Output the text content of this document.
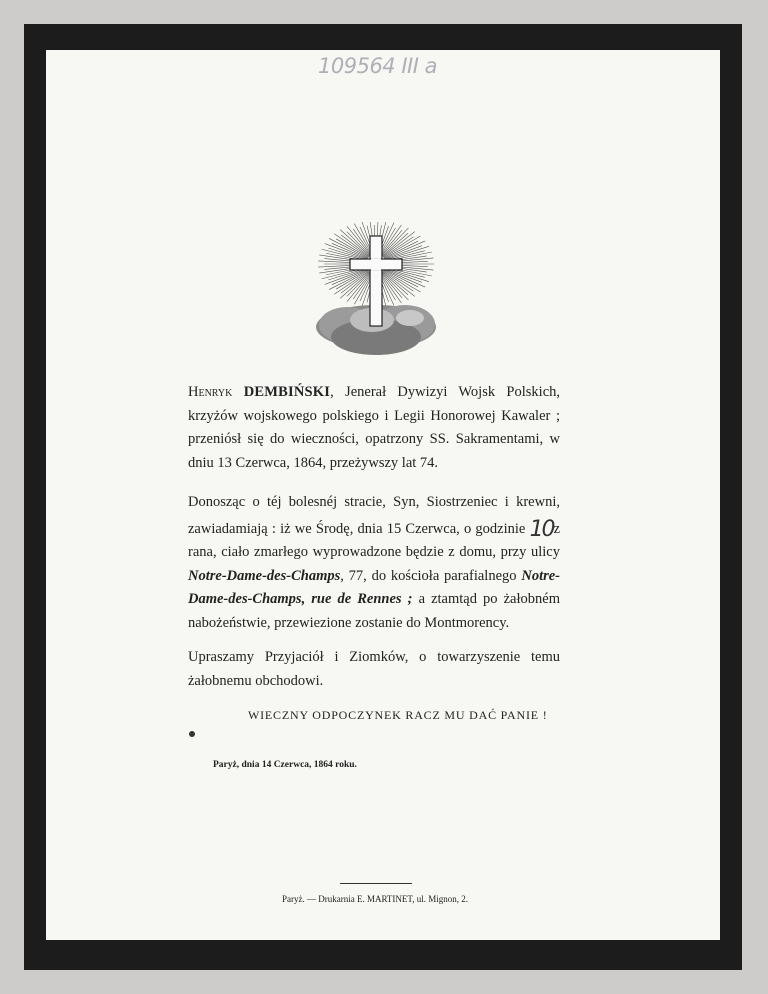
109564 III a

Henryk DEMBIŃSKI, Jenerał Dywizyi Wojsk Polskich, krzyżów wojskowego polskiego i Legii Honorowej Kawaler ; przeniósł się do wieczności, opatrzony SS. Sakramentami, w dniu 13 Czerwca, 1864, przeżywszy lat 74.

Donosząc o téj bolesnéj stracie, Syn, Siostrzeniec i krewni, zawiadamiają : iż we Środę, dnia 15 Czerwca, o godzinie 10z rana, ciało zmarłego wyprowadzone będzie z domu, przy ulicy Notre-Dame-des-Champs, 77, do kościoła parafialnego Notre-Dame-des-Champs, rue de Rennes ; a ztamtąd po żałobném nabożeństwie, przewiezione zostanie do Montmorency.

Upraszamy Przyjaciół i Ziomków, o towarzyszenie temu żałobnemu obchodowi.

WIECZNY ODPOCZYNEK RACZ MU DAĆ PANIE !
Paryż, dnia 14 Czerwca, 1864 roku.
Paryż. — Drukarnia E. MARTINET, ul. Mignon, 2.
